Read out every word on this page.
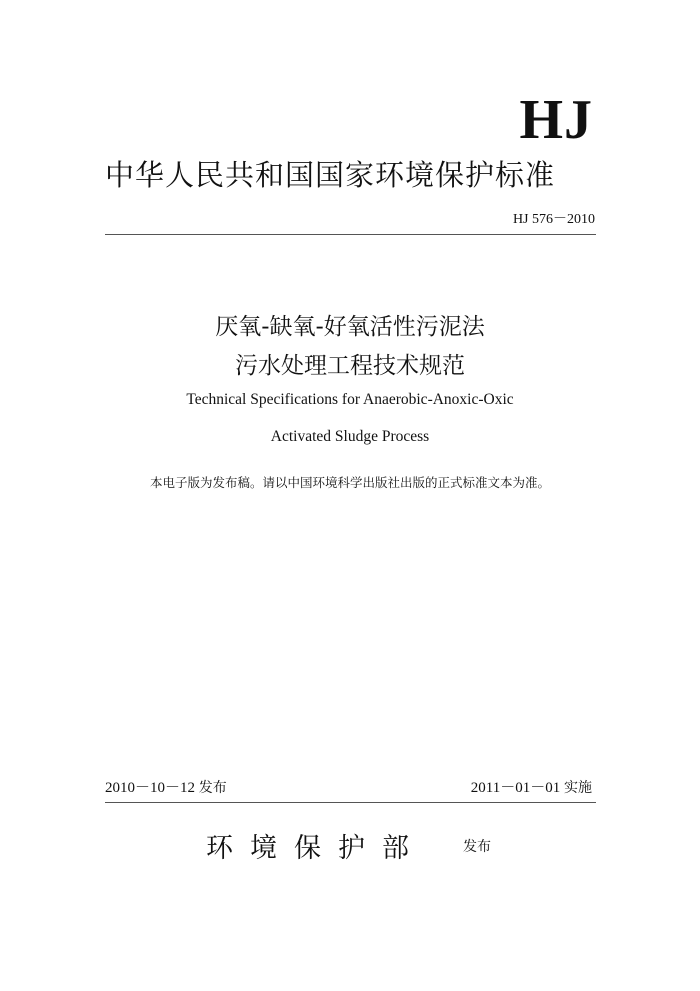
HJ
中华人民共和国国家环境保护标准
HJ 576－2010
厌氧-缺氧-好氧活性污泥法
污水处理工程技术规范
Technical Specifications for Anaerobic-Anoxic-Oxic
Activated Sludge Process
本电子版为发布稿。请以中国环境科学出版社出版的正式标准文本为准。
2010－10－12 发布	2011－01－01 实施
环境保护部	发布
